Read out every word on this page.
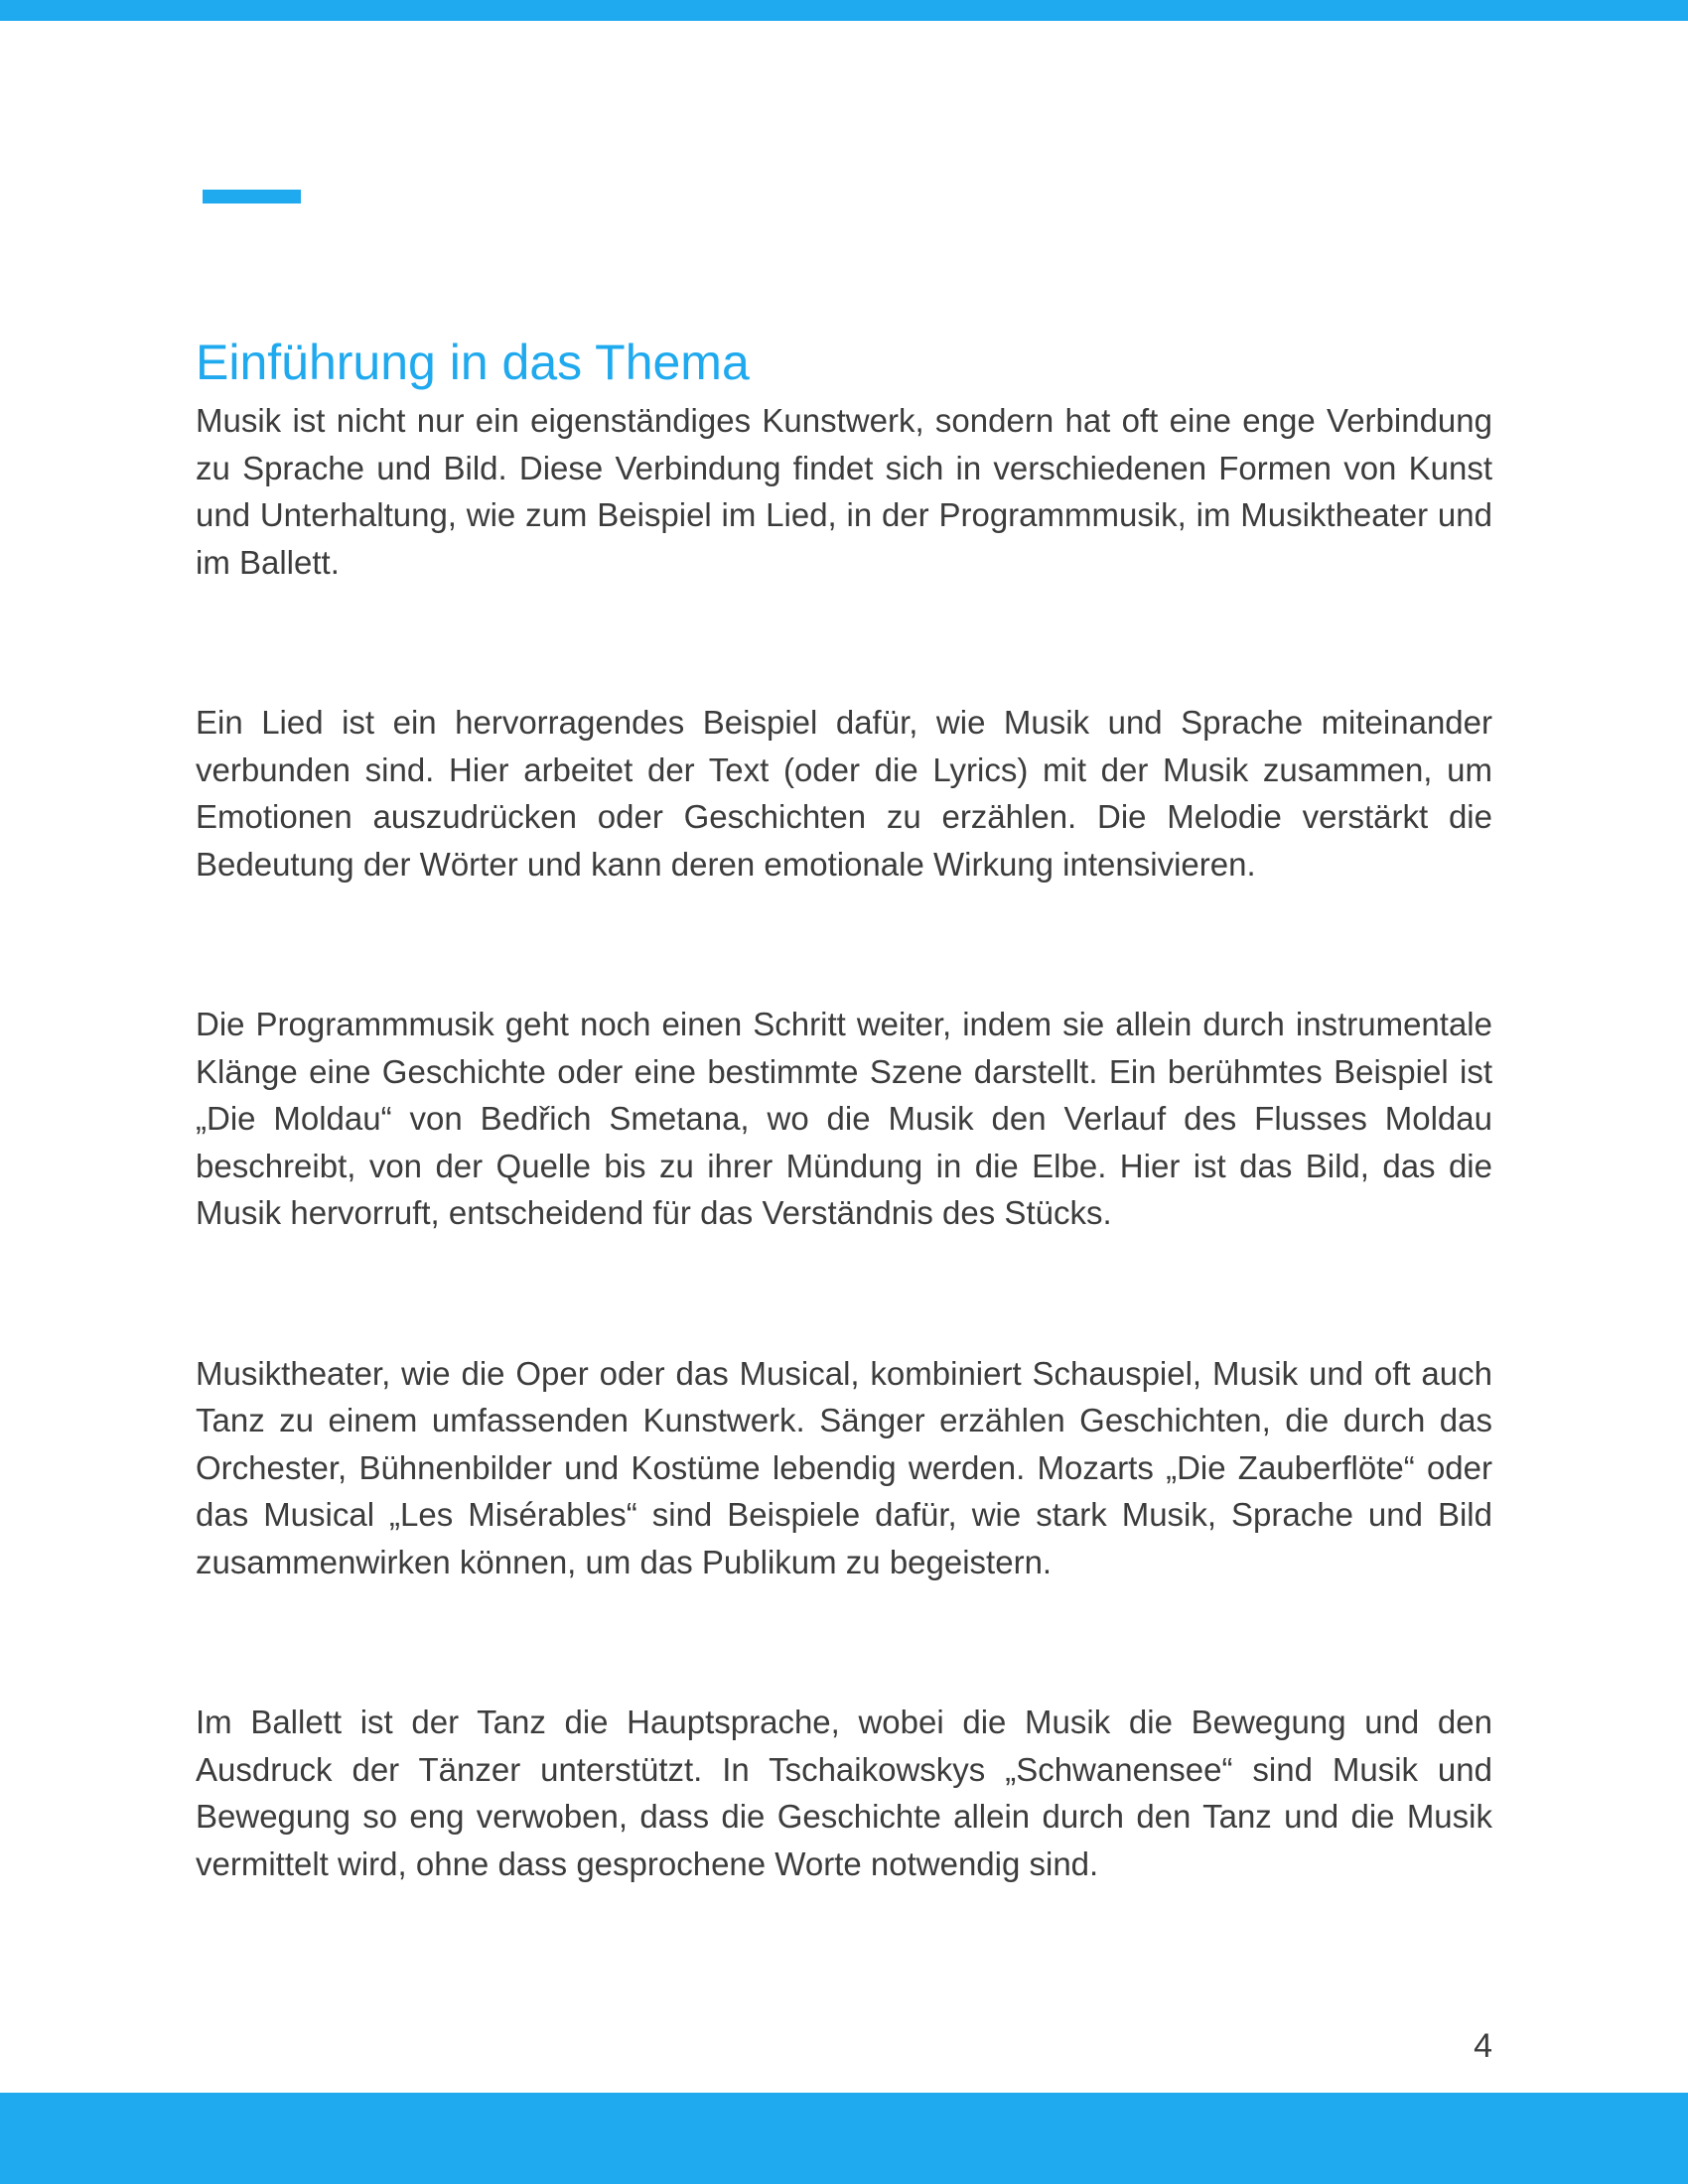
Einführung in das Thema
Musik ist nicht nur ein eigenständiges Kunstwerk, sondern hat oft eine enge Verbindung
zu Sprache und Bild. Diese Verbindung findet sich in verschiedenen Formen von Kunst
und Unterhaltung, wie zum Beispiel im Lied, in der Programmmusik, im Musiktheater und
im Ballett.
Ein Lied ist ein hervorragendes Beispiel dafür, wie Musik und Sprache miteinander
verbunden sind. Hier arbeitet der Text (oder die Lyrics) mit der Musik zusammen, um
Emotionen auszudrücken oder Geschichten zu erzählen. Die Melodie verstärkt die
Bedeutung der Wörter und kann deren emotionale Wirkung intensivieren.
Die Programmmusik geht noch einen Schritt weiter, indem sie allein durch instrumentale
Klänge eine Geschichte oder eine bestimmte Szene darstellt. Ein berühmtes Beispiel ist
„Die Moldau“ von Bedřich Smetana, wo die Musik den Verlauf des Flusses Moldau
beschreibt, von der Quelle bis zu ihrer Mündung in die Elbe. Hier ist das Bild, das die
Musik hervorruft, entscheidend für das Verständnis des Stücks.
Musiktheater, wie die Oper oder das Musical, kombiniert Schauspiel, Musik und oft auch
Tanz zu einem umfassenden Kunstwerk. Sänger erzählen Geschichten, die durch das
Orchester, Bühnenbilder und Kostüme lebendig werden. Mozarts „Die Zauberflöte“ oder
das Musical „Les Misérables“ sind Beispiele dafür, wie stark Musik, Sprache und Bild
zusammenwirken können, um das Publikum zu begeistern.
Im Ballett ist der Tanz die Hauptsprache, wobei die Musik die Bewegung und den
Ausdruck der Tänzer unterstützt. In Tschaikowskys „Schwanensee“ sind Musik und
Bewegung so eng verwoben, dass die Geschichte allein durch den Tanz und die Musik
vermittelt wird, ohne dass gesprochene Worte notwendig sind.
4
